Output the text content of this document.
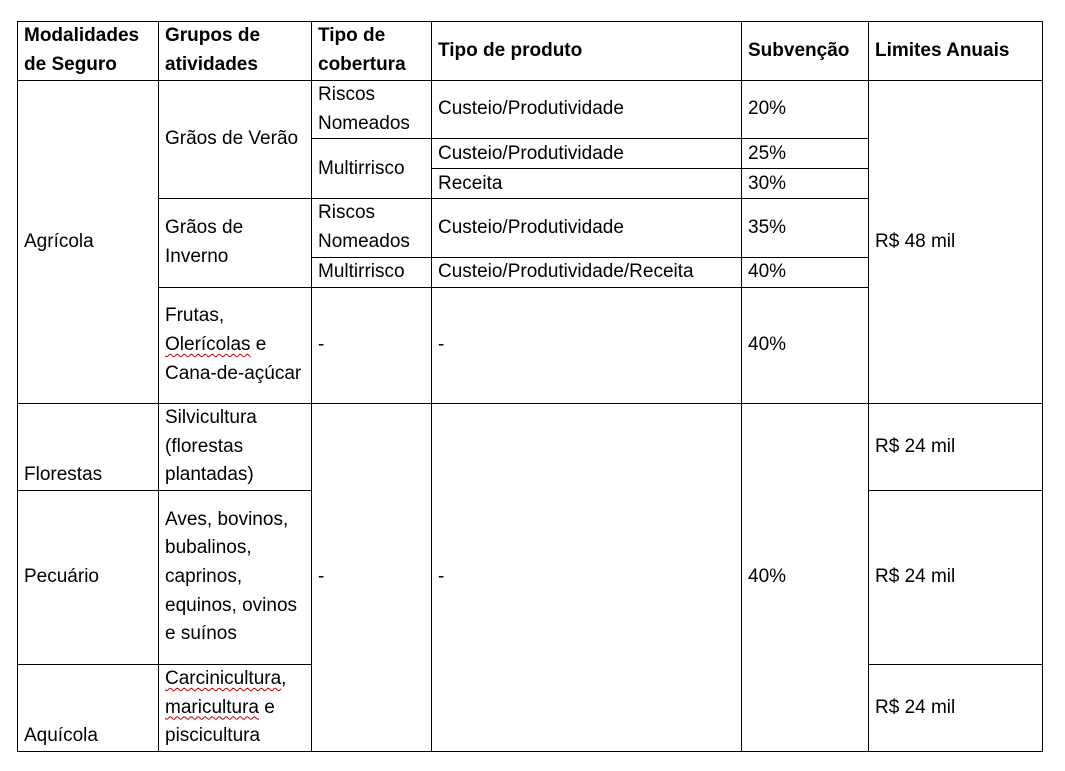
Modalidades de Seguro	Grupos de atividades	Tipo de cobertura	Tipo de produto	Subvenção	Limites Anuais
Agrícola	Grãos de Verão	Riscos Nomeados	Custeio/Produtividade	20%	R$ 48 mil
		Multirrisco	Custeio/Produtividade	25%	
			Receita	30%	
	Grãos de Inverno	Riscos Nomeados	Custeio/Produtividade	35%	
		Multirrisco	Custeio/Produtividade/Receita	40%	
	Frutas, Olerícolas e Cana-de-açúcar	-	-	40%	

Florestas	Silvicultura (florestas plantadas)	-	-	40%	R$ 24 mil
Pecuário	Aves, bovinos, bubalinos, caprinos, equinos, ovinos e suínos				R$ 24 mil
Aquícola	Carcinicultura, maricultura e piscicultura				R$ 24 mil
